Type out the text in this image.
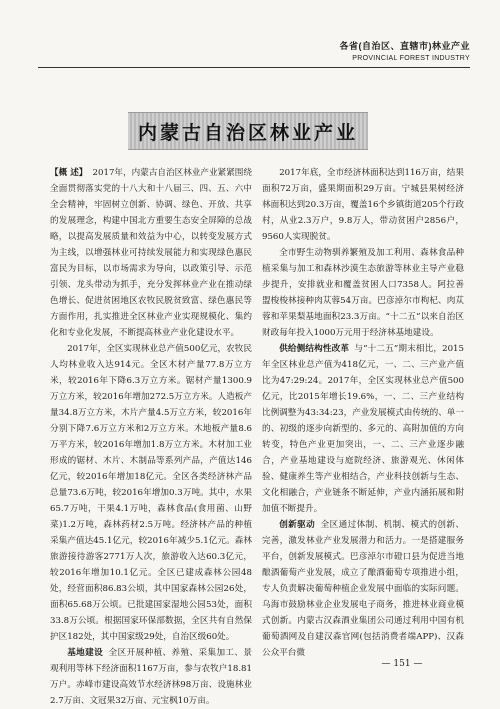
各省(自治区、直辖市)林业产业
PROVINCIAL FOREST INDUSTRY
内蒙古自治区林业产业

【概 述】 2017年，内蒙古自治区林业产业紧紧围绕全面贯彻落实党的十八大和十八届三、四、五、六中全会精神，牢固树立创新、协调、绿色、开放、共享的发展理念，构建中国北方重要生态安全屏障的总战略，以提高发展质量和效益为中心，以转变发展方式为主线，以增强林业可持续发展能力和实现绿色惠民富民为目标，以市场需求为导向，以政策引导、示范引领、龙头带动为抓手，充分发挥林业产业在推动绿色增长、促进贫困地区农牧民脱贫致富、绿色惠民等方面作用，扎实推进全区林业产业实现规模化、集约化和专业化发展，不断提高林业产业化建设水平。

2017年，全区实现林业总产值500亿元，农牧民人均林业收入达914元。全区木材产量77.8万立方米，较2016年下降6.3万立方米。锯材产量1300.9万立方米，较2016年增加272.5万立方米。人造板产量34.8万立方米，木片产量4.5万立方米，较2016年分别下降7.6万立方米和2万立方米。木地板产量8.6万平方米，较2016年增加1.8万立方米。木材加工业形成的锯材、木片、木制品等系列产品，产值达146亿元，较2016年增加18亿元。全区各类经济林产品总量73.6万吨，较2016年增加0.3万吨。其中，水果65.7万吨，干果4.1万吨，森林食品(食用菌、山野菜)1.2万吨，森林药材2.5万吨。经济林产品的种植采集产值达45.1亿元，较2016年减少5.1亿元。森林旅游接待游客2771万人次，旅游收入达60.3亿元，较2016年增加10.1亿元。全区已建成森林公园48处，经营面积86.83公顷，其中国家森林公园26处，面积65.68万公顷。已批建国家湿地公园53处，面积33.8万公顷。根据国家环保部数据，全区共有自然保护区182处，其中国家级29处，自治区级60处。

基地建设 全区开展种植、养殖、采集加工、景观利用等林下经济面积1167万亩，参与农牧户18.81万户。赤峰市建设高效节水经济林98万亩、设施林业2.7万亩、文冠果32万亩、元宝枫10万亩。

2017年底，全市经济林面积达到116万亩，结果面积72万亩，盛果期面积29万亩。宁城县果树经济林面积达到20.3万亩，覆盖16个乡镇街道205个行政村，从业2.3万户，9.8万人，带动贫困户2856户，9560人实现脱贫。

全市野生动物驯养繁殖及加工利用、森林食品种植采集与加工和森林沙漠生态旅游等林业主导产业稳步提升，安排就业和覆盖贫困人口7358人。阿拉善盟梭梭林接种肉苁蓉54万亩。巴彦淖尔市枸杞、肉苁蓉和苹果梨基地面积23.3万亩。“十二五”以来自治区财政每年投入1000万元用于经济林基地建设。

供给侧结构性改革 与“十二五”期末相比，2015年全区林业总产值为418亿元，一、二、三产业产值比为47:29:24。2017年，全区实现林业总产值500亿元，比2015年增长19.6%，一、二、三产业结构比例调整为43:34:23，产业发展模式由传统的、单一的、初级的逐步向新型的、多元的、高附加值的方向转变，特色产业更加突出，一、二、三产业逐步融合，产业基地建设与庭院经济、旅游观光、休闲体验、健康养生等产业相结合，产业科技创新与生态、文化相融合，产业链条不断延伸，产业内涵拓展和附加值不断提升。

创新驱动 全区通过体制、机制、模式的创新、完善，激发林业产业发展潜力和活力。一是搭建服务平台，创新发展模式。巴彦淖尔市磴口县为促进当地酿酒葡萄产业发展，成立了酿酒葡萄专项推进小组，专人负责解决葡萄种植企业发展中面临的实际问题。乌海市鼓励林业企业发展电子商务，推进林业商业模式创新。内蒙古汉森酒业集团公司通过利用中国有机葡萄酒网及自建汉森官网(包括消费者端APP)、汉森公众平台微

— 151 —
